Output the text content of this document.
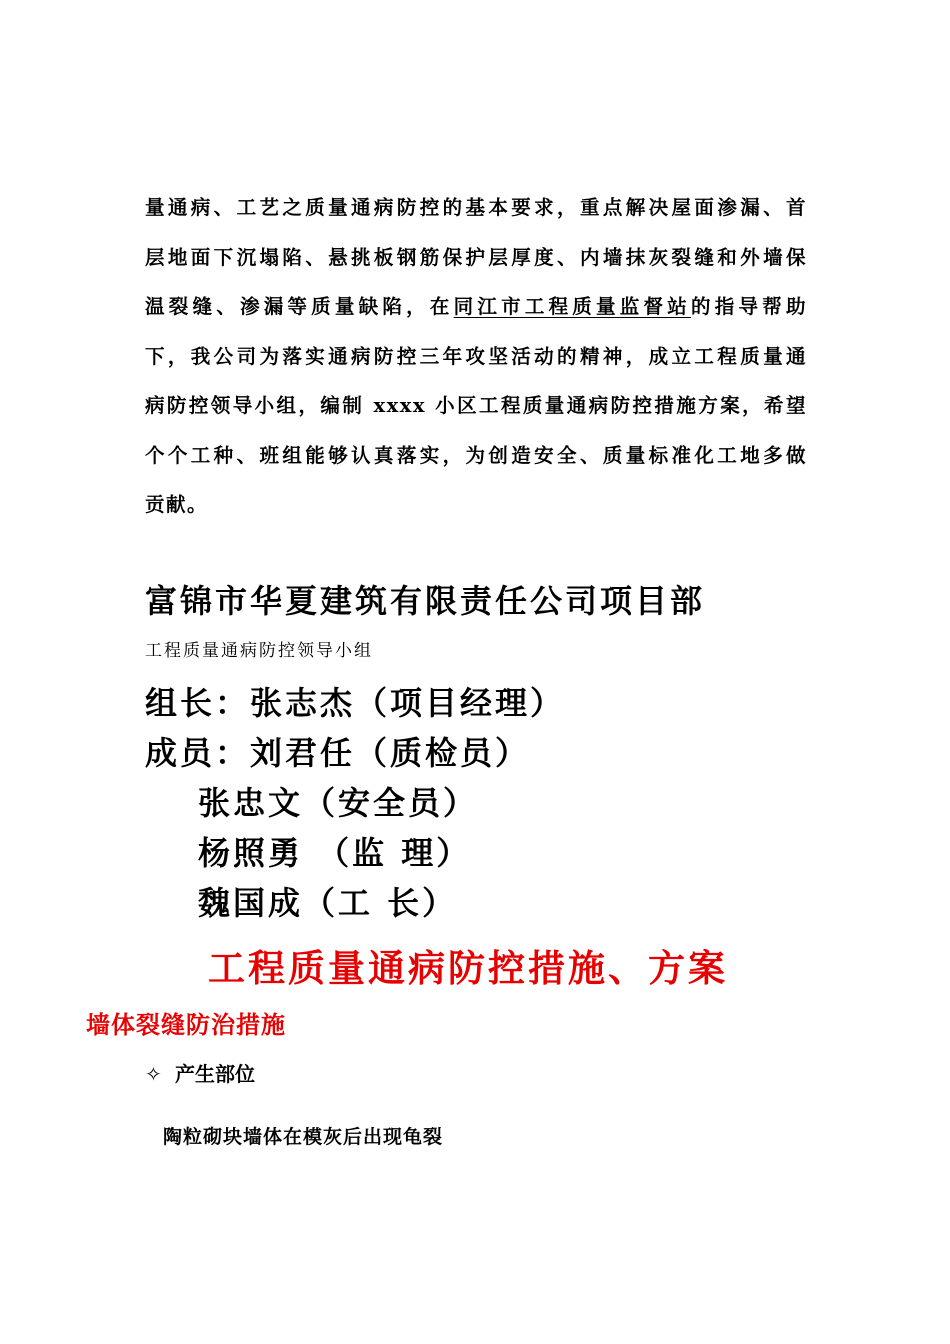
量通病、工艺之质量通病防控的基本要求，重点解决屋面渗漏、首
层地面下沉塌陷、悬挑板钢筋保护层厚度、内墙抹灰裂缝和外墙保
温裂缝、渗漏等质量缺陷，在同江市工程质量监督站的指导帮助
下，我公司为落实通病防控三年攻坚活动的精神，成立工程质量通
病防控领导小组，编制 xxxx 小区工程质量通病防控措施方案，希望
个个工种、班组能够认真落实，为创造安全、质量标准化工地多做
贡献。
富锦市华夏建筑有限责任公司项目部
工程质量通病防控领导小组
组长：张志杰（项目经理）
成员：刘君任（质检员）
张忠文（安全员）
杨照勇 （监 理）
魏国成（工 长）
工程质量通病防控措施、方案
墙体裂缝防治措施
✧ 产生部位
陶粒砌块墙体在模灰后出现龟裂
